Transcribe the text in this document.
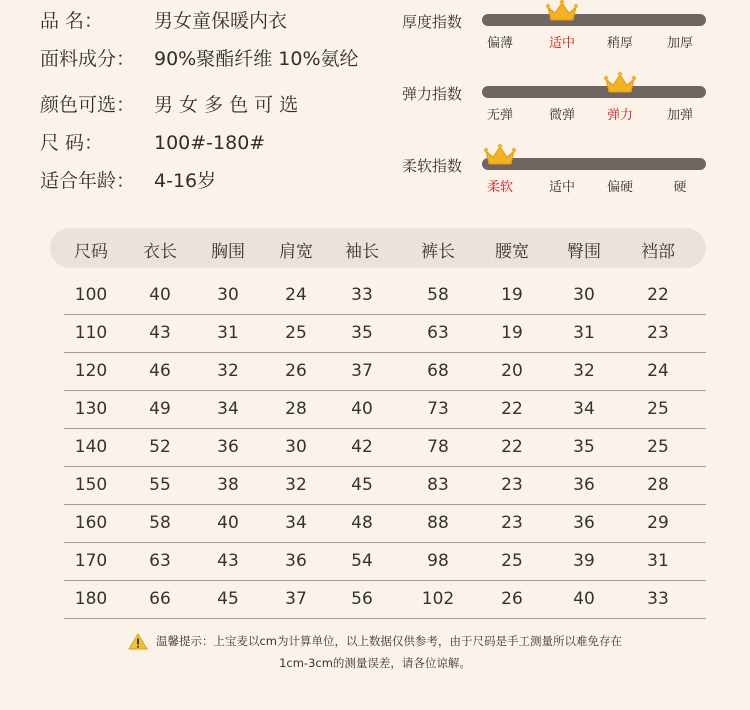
品 名：	男女童保暖内衣
面料成分： 90%聚酯纤维 10%氨纶
颜色可选： 男 女 多 色 可 选
尺 码：	100#-180#
适合年龄： 4-16岁
厚度指数
偏薄	适中 稍厚	加厚
弹力指数
无弹	微弹 弹力	加弹
柔软指数
柔软	适中 偏硬	硬
尺码 衣长 胸围 肩宽 袖长 裤长 腰宽 臀围 裆部
100 40	30	24	33	58	19	30	22
110 43	31	25	35	63	19	31	23
120 46	32	26	37	68	20	32	24
130 49	34	28	40	73	22	34	25
140 52	36	30	42	78	22	35	25
150 55	38	32	45	83	23	36	28
160 58	40	34	48	88	23	36	29
170 63	43	36	54	98	25	39	31
180 66	45	37	56	102	26	40	33
温馨提示：上宝麦以cm为计算单位，以上数据仅供参考，由于尺码是手工测量所以难免存在
1cm-3cm的测量误差，请各位谅解。
